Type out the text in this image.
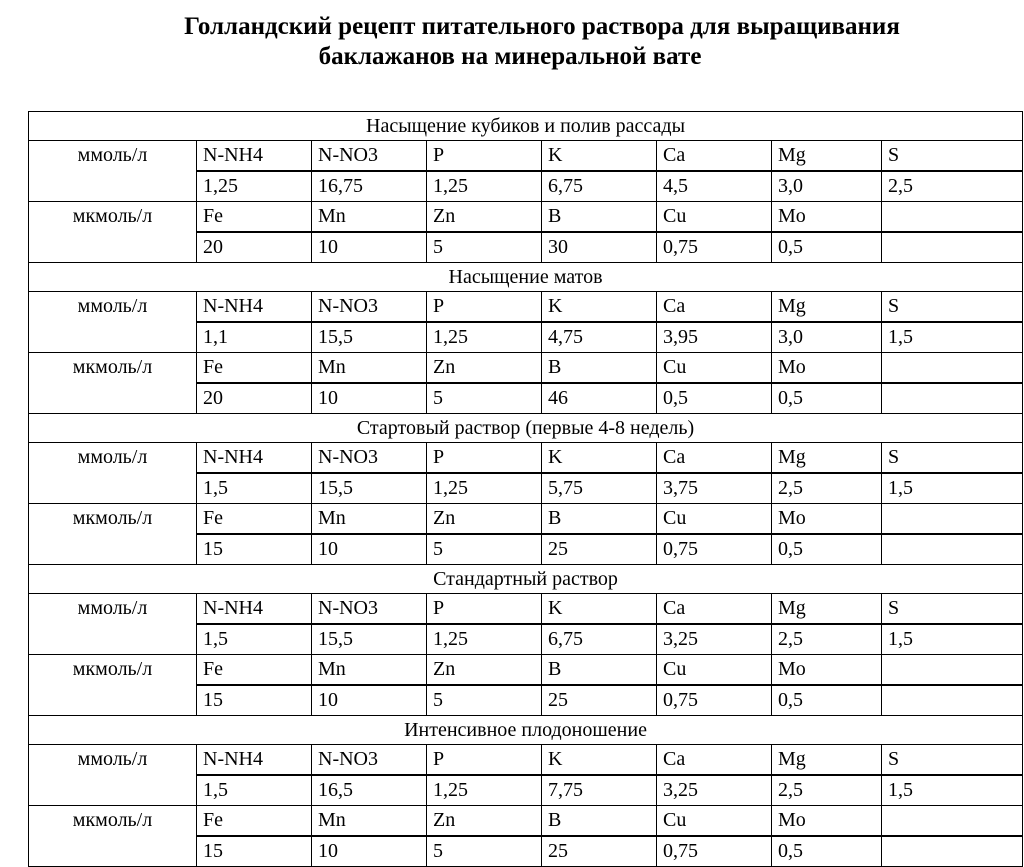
Голландский рецепт питательного раствора для выращивания
баклажанов на минеральной вате
Насыщение кубиков и полив рассады							
ммоль/л	N-NH4	N-NO3	P	K	Ca	Mg	S
	1,25	16,75	1,25	6,75	4,5	3,0	2,5
мкмоль/л	Fe	Mn	Zn	B	Cu	Mo	
	20	10	5	30	0,75	0,5	
Насыщение матов							
ммоль/л	N-NH4	N-NO3	P	K	Ca	Mg	S
	1,1	15,5	1,25	4,75	3,95	3,0	1,5
мкмоль/л	Fe	Mn	Zn	B	Cu	Mo	
	20	10	5	46	0,5	0,5	
Стартовый раствор (первые 4-8 недель)							
ммоль/л	N-NH4	N-NO3	P	K	Ca	Mg	S
	1,5	15,5	1,25	5,75	3,75	2,5	1,5
мкмоль/л	Fe	Mn	Zn	B	Cu	Mo	
	15	10	5	25	0,75	0,5	
Стандартный раствор							
ммоль/л	N-NH4	N-NO3	P	K	Ca	Mg	S
	1,5	15,5	1,25	6,75	3,25	2,5	1,5
мкмоль/л	Fe	Mn	Zn	B	Cu	Mo	
	15	10	5	25	0,75	0,5	
Интенсивное плодоношение							
ммоль/л	N-NH4	N-NO3	P	K	Ca	Mg	S
	1,5	16,5	1,25	7,75	3,25	2,5	1,5
мкмоль/л	Fe	Mn	Zn	B	Cu	Mo	
	15	10	5	25	0,75	0,5	
